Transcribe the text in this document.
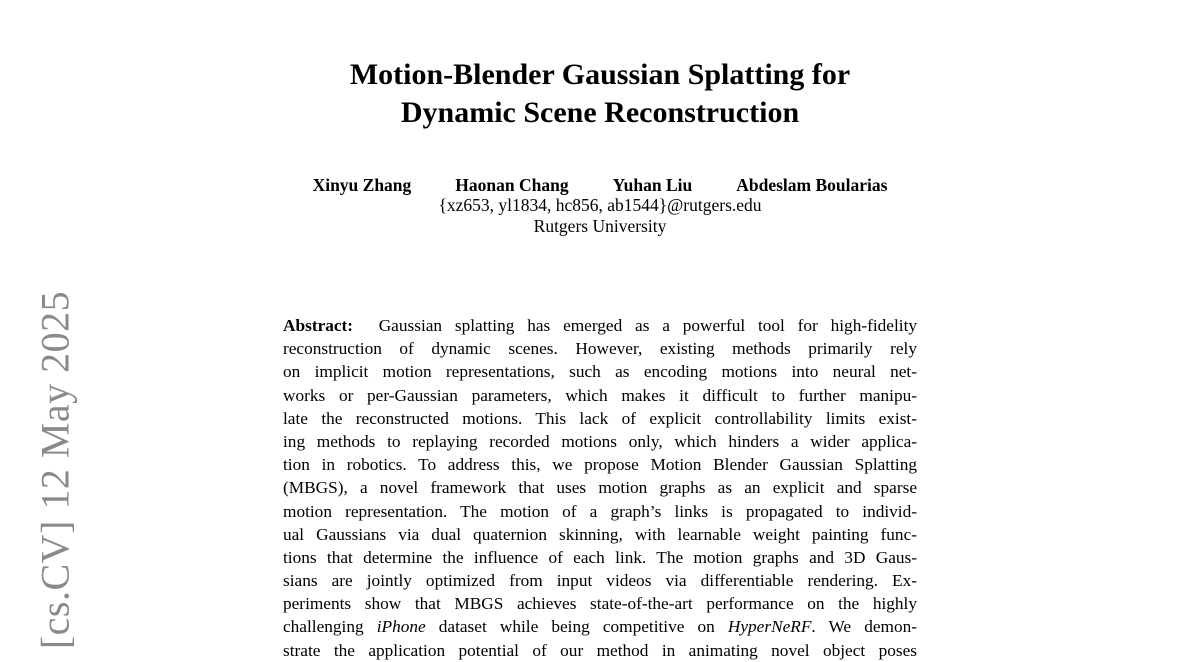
[cs.CV] 12 May 2025
Motion-Blender Gaussian Splatting for
Dynamic Scene Reconstruction
Xinyu Zhang	Haonan Chang	Yuhan Liu	Abdeslam Boularias
{xz653, yl1834, hc856, ab1544}@rutgers.edu
Rutgers University
Abstract: Gaussian splatting has emerged as a powerful tool for high-fidelity
reconstruction of dynamic scenes. However, existing methods primarily rely
on implicit motion representations, such as encoding motions into neural net-
works or per-Gaussian parameters, which makes it difficult to further manipu-
late the reconstructed motions. This lack of explicit controllability limits exist-
ing methods to replaying recorded motions only, which hinders a wider applica-
tion in robotics. To address this, we propose Motion Blender Gaussian Splatting
(MBGS), a novel framework that uses motion graphs as an explicit and sparse
motion representation. The motion of a graph’s links is propagated to individ-
ual Gaussians via dual quaternion skinning, with learnable weight painting func-
tions that determine the influence of each link. The motion graphs and 3D Gaus-
sians are jointly optimized from input videos via differentiable rendering. Ex-
periments show that MBGS achieves state-of-the-art performance on the highly
challenging iPhone dataset while being competitive on HyperNeRF. We demon-
strate the application potential of our method in animating novel object poses
